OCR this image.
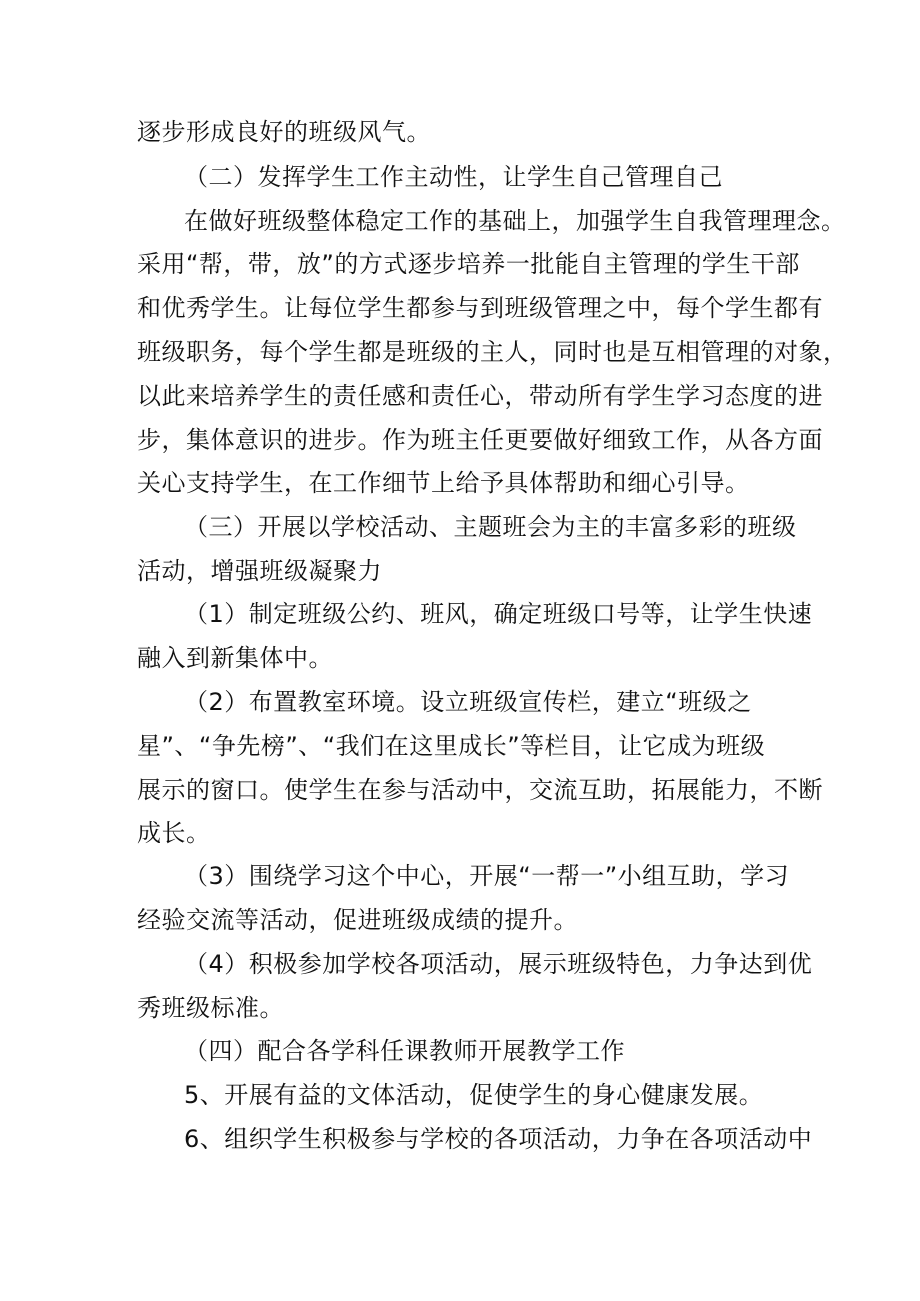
逐步形成良好的班级风气。

（二）发挥学生工作主动性，让学生自己管理自己

在做好班级整体稳定工作的基础上，加强学生自我管理理念。

采用“帮，带，放”的方式逐步培养一批能自主管理的学生干部

和优秀学生。让每位学生都参与到班级管理之中，每个学生都有

班级职务，每个学生都是班级的主人，同时也是互相管理的对象，

以此来培养学生的责任感和责任心，带动所有学生学习态度的进

步，集体意识的进步。作为班主任更要做好细致工作，从各方面

关心支持学生，在工作细节上给予具体帮助和细心引导。

（三）开展以学校活动、主题班会为主的丰富多彩的班级

活动，增强班级凝聚力

（1）制定班级公约、班风，确定班级口号等，让学生快速

融入到新集体中。

（2）布置教室环境。设立班级宣传栏，建立“班级之

星”、“争先榜”、“我们在这里成长”等栏目，让它成为班级

展示的窗口。使学生在参与活动中，交流互助，拓展能力，不断

成长。

（3）围绕学习这个中心，开展“一帮一”小组互助，学习

经验交流等活动，促进班级成绩的提升。

（4）积极参加学校各项活动，展示班级特色，力争达到优

秀班级标准。

（四）配合各学科任课教师开展教学工作

5、开展有益的文体活动，促使学生的身心健康发展。

6、组织学生积极参与学校的各项活动，力争在各项活动中
